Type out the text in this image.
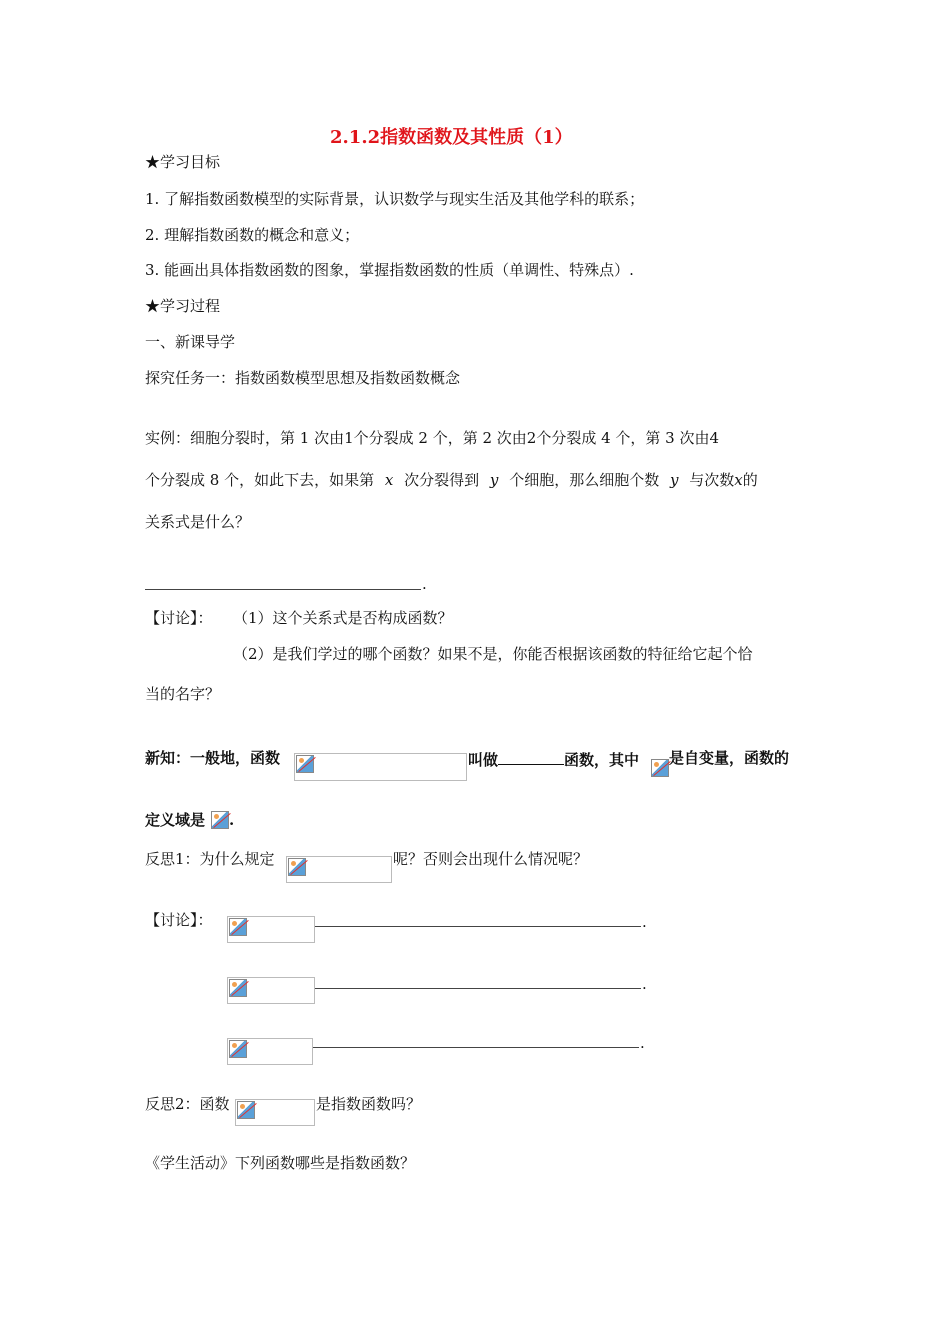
2.1.2指数函数及其性质（1）
★学习目标
1. 了解指数函数模型的实际背景，认识数学与现实生活及其他学科的联系；
2. 理解指数函数的概念和意义；
3. 能画出具体指数函数的图象，掌握指数函数的性质（单调性、特殊点）.
★学习过程
一、新课导学
探究任务一：指数函数模型思想及指数函数概念
实例：细胞分裂时，第 1 次由1个分裂成 2 个，第 2 次由2个分裂成 4 个，第 3 次由4
个分裂成 8 个，如此下去，如果第 x 次分裂得到 y 个细胞，那么细胞个数 y 与次数x的
关系式是什么？
.
【讨论】： （1）这个关系式是否构成函数？
（2）是我们学过的哪个函数？如果不是，你能否根据该函数的特征给它起个恰
当的名字？
新知：一般地，函数	叫做	函数，其中 是自变量，函数的
定义域是 .
反思1：为什么规定	呢？否则会出现什么情况呢？
【讨论】：	.
.
.
反思2：函数	是指数函数吗？
《学生活动》下列函数哪些是指数函数？
